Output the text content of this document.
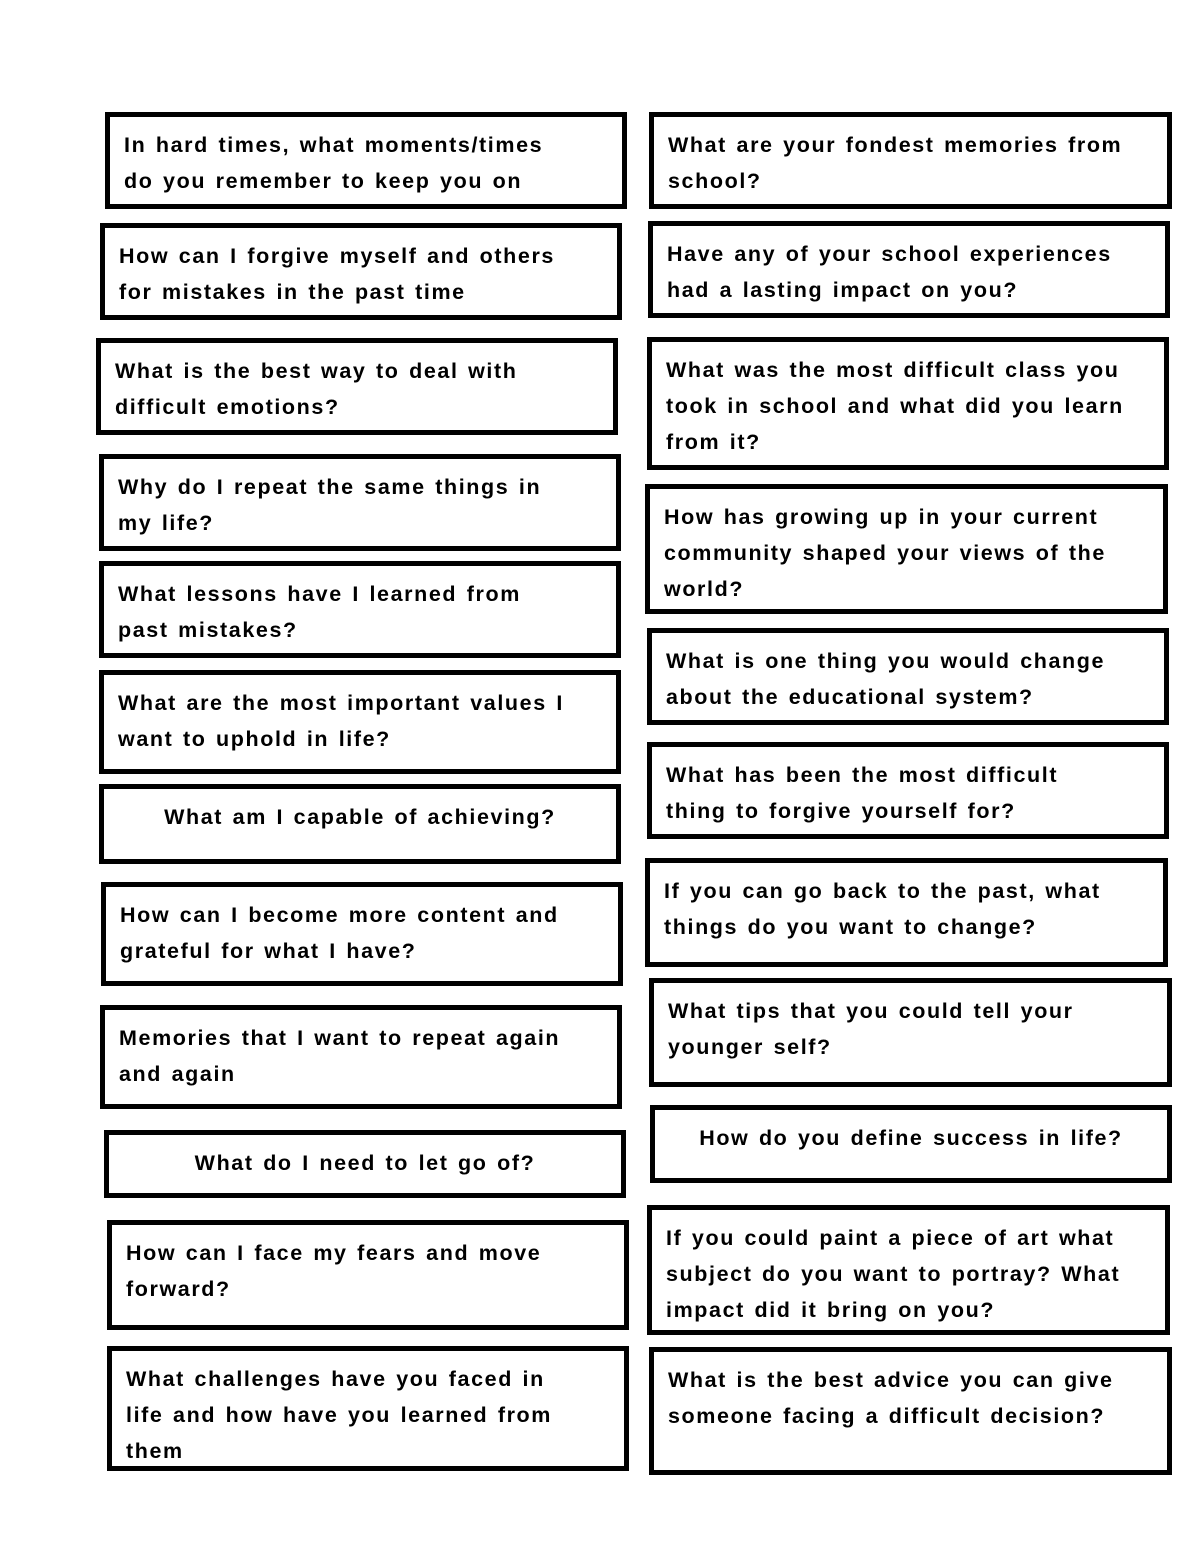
In hard times, what moments/times
do you remember to keep you on
How can I forgive myself and others
for mistakes in the past time
What is the best way to deal with
difficult emotions?
Why do I repeat the same things in
my life?
What lessons have I learned from
past mistakes?
What are the most important values I
want to uphold in life?
What am I capable of achieving?
How can I become more content and
grateful for what I have?
Memories that I want to repeat again
and again
What do I need to let go of?
How can I face my fears and move
forward?
What challenges have you faced in
life and how have you learned from
them
What are your fondest memories from
school?
Have any of your school experiences
had a lasting impact on you?
What was the most difficult class you
took in school and what did you learn
from it?
How has growing up in your current
community shaped your views of the
world?
What is one thing you would change
about the educational system?
What has been the most difficult
thing to forgive yourself for?
If you can go back to the past, what
things do you want to change?
What tips that you could tell your
younger self?
How do you define success in life?
If you could paint a piece of art what
subject do you want to portray? What
impact did it bring on you?
What is the best advice you can give
someone facing a difficult decision?
